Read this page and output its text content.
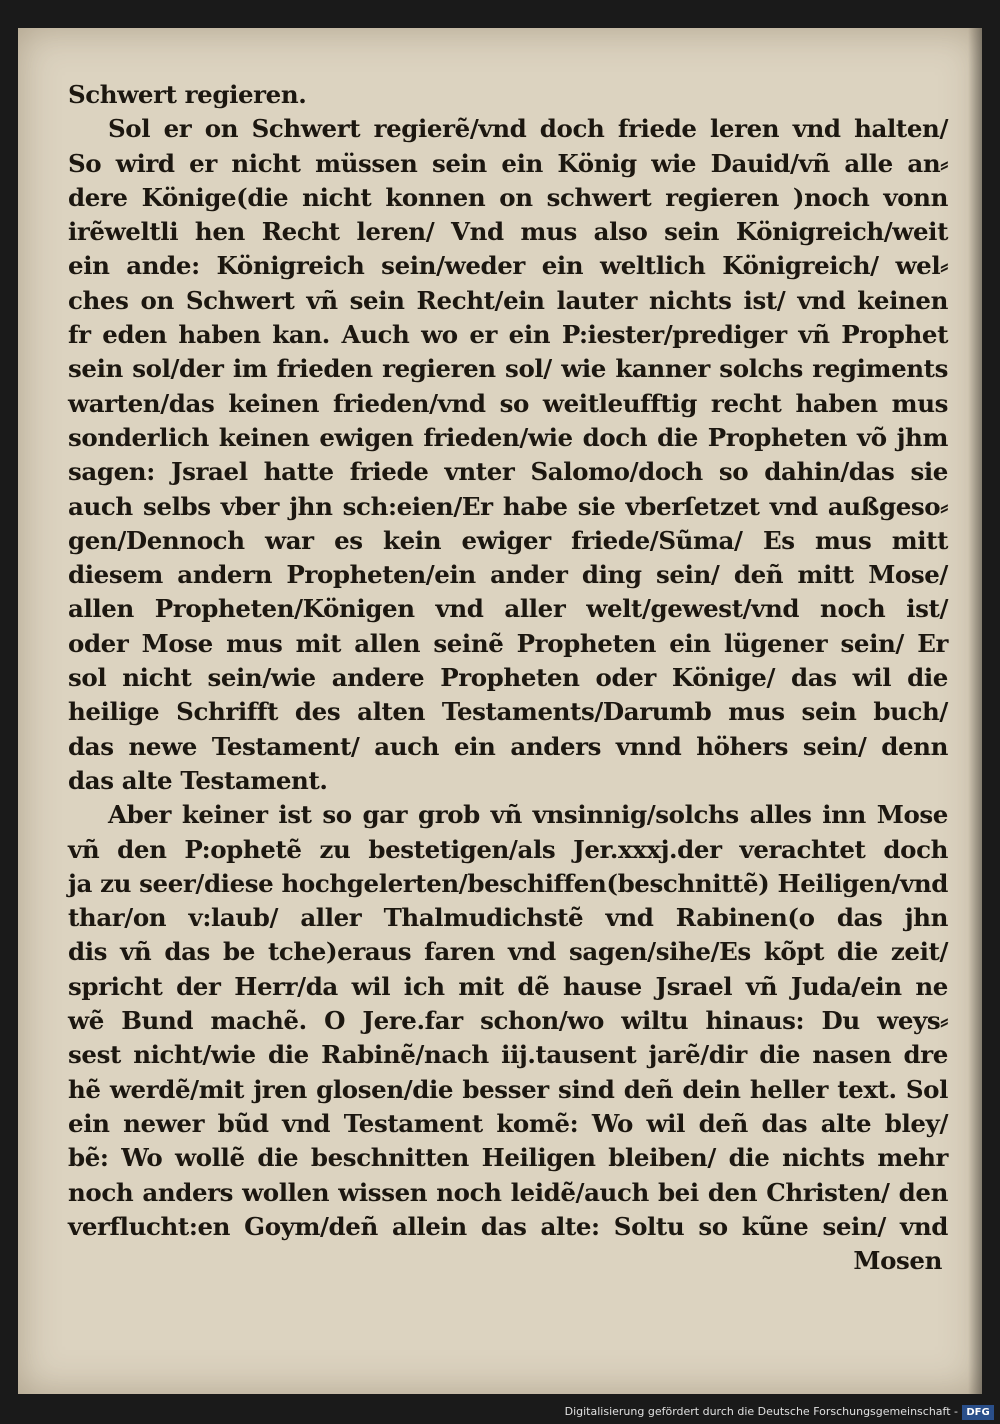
Schwert regieren.
Sol er on Schwert regierẽ/vnd doch friede leren vnd halten/
So wird er nicht müssen sein ein König wie Dauid/vñ alle an⸗
dere Könige(die nicht konnen on schwert regieren )noch vonn
irẽweltli hen Recht leren/ Vnd mus also sein Königreich/weit
ein ande: Königreich sein/weder ein weltlich Königreich/ wel⸗
ches on Schwert vñ sein Recht/ein lauter nichts ist/ vnd keinen
fr eden haben kan. Auch wo er ein P:iester/prediger vñ Prophet
sein sol/der im frieden regieren sol/ wie kanner solchs regiments
warten/das keinen frieden/vnd so weitleufftig recht haben mus
sonderlich keinen ewigen frieden/wie doch die Propheten võ jhm
sagen: Jsrael hatte friede vnter Salomo/doch so dahin/das sie
auch selbs vber jhn sch:eien/Er habe sie vberſetzet vnd außgeso⸗
gen/Dennoch war es kein ewiger friede/Sũma/ Es mus mitt
diesem andern Propheten/ein ander ding sein/ deñ mitt Mose/
allen Propheten/Königen vnd aller welt/gewest/vnd noch ist/
oder Mose mus mit allen seinẽ Propheten ein lügener sein/ Er
sol nicht sein/wie andere Propheten oder Könige/ das wil die
heilige Schrifft des alten Testaments/Darumb mus sein buch/
das newe Testament/ auch ein anders vnnd höhers sein/ denn
das alte Testament.
Aber keiner ist so gar grob vñ vnsinnig/solchs alles inn Mose
vñ den P:ophetẽ zu bestetigen/als Jer.xxxj.der verachtet doch
ja zu seer/diese hochgelerten/beschiffen(beschnittẽ) Heiligen/vnd
thar/on v:laub/ aller Thalmudichstẽ vnd Rabinen(o das jhn
dis vñ das be tche)eraus faren vnd sagen/sihe/Es kõpt die zeit/
spricht der Herr/da wil ich mit dẽ hause Jsrael vñ Juda/ein ne
wẽ Bund machẽ. O Jere.far schon/wo wiltu hinaus: Du weys⸗
sest nicht/wie die Rabinẽ/nach iij.tausent jarẽ/dir die nasen dre
hẽ werdẽ/mit jren glosen/die besser sind deñ dein heller text. Sol
ein newer bũd vnd Testament komẽ: Wo wil deñ das alte bley/
bẽ: Wo wollẽ die beschnitten Heiligen bleiben/ die nichts mehr
noch anders wollen wissen noch leidẽ/auch bei den Christen/ den
verflucht:en Goym/deñ allein das alte: Soltu so kũne sein/ vnd
Mosen
Digitalisierung gefördert durch die Deutsche Forschungsgemeinschaft - DFG
